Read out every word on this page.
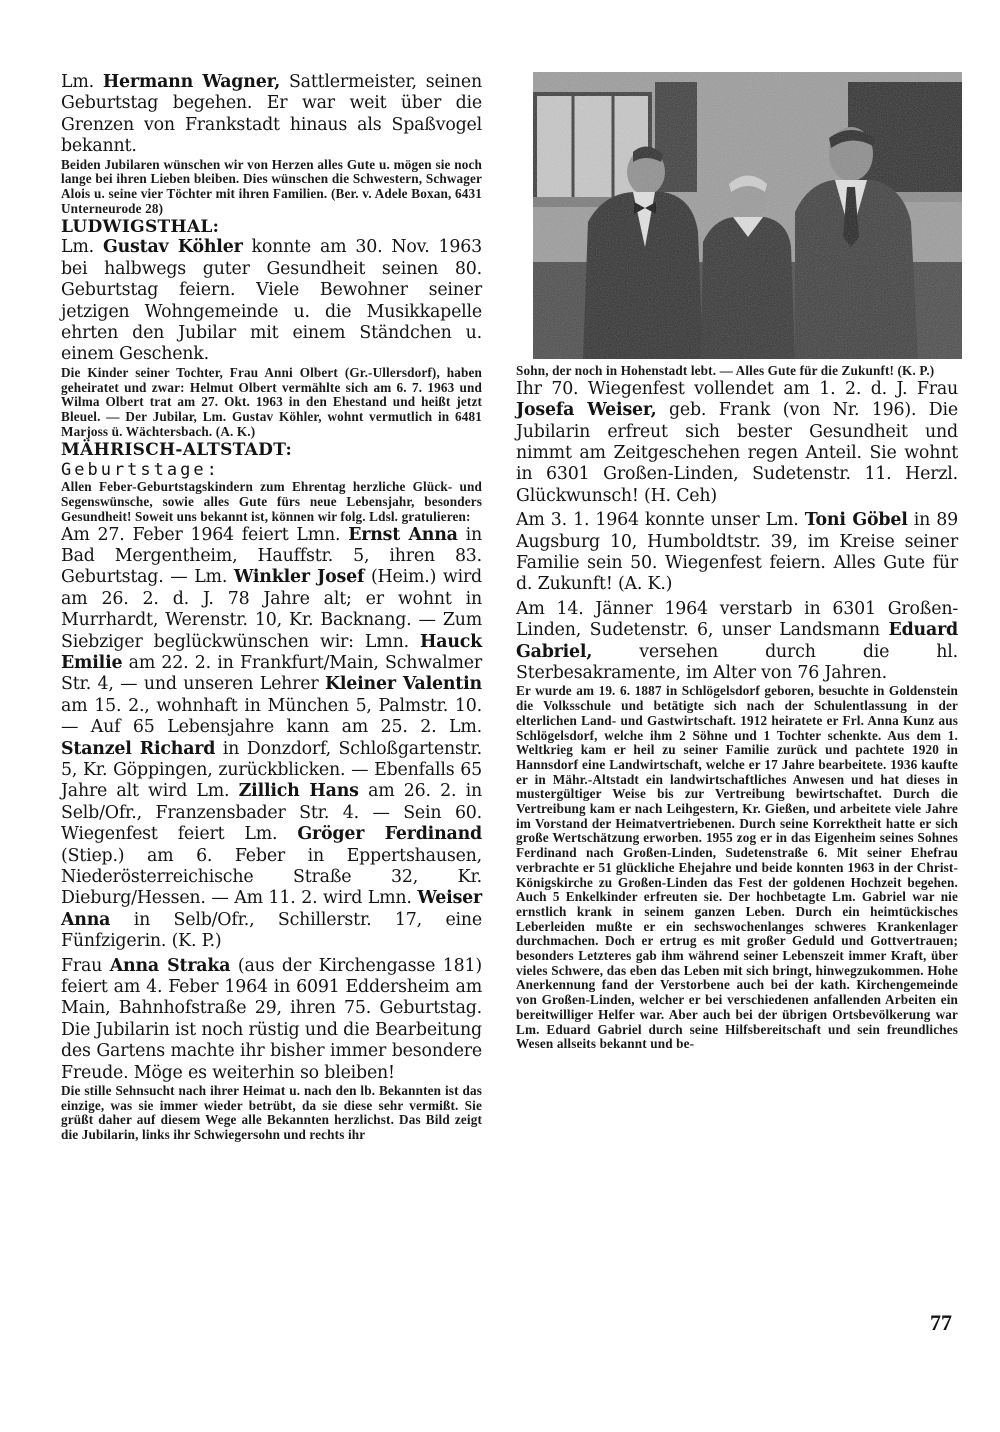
Lm. Hermann Wagner, Sattlermeister, seinen Geburtstag begehen. Er war weit über die Grenzen von Frankstadt hinaus als Spaßvogel bekannt.

Beiden Jubilaren wünschen wir von Herzen alles Gute u. mögen sie noch lange bei ihren Lieben bleiben. Dies wünschen die Schwestern, Schwager Alois u. seine vier Töchter mit ihren Familien. (Ber. v. Adele Boxan, 6431 Unterneurode 28)

LUDWIGSTHAL:

Lm. Gustav Köhler konnte am 30. Nov. 1963 bei halbwegs guter Gesundheit seinen 80. Geburtstag feiern. Viele Bewohner seiner jetzigen Wohngemeinde u. die Musikkapelle ehrten den Jubilar mit einem Ständchen u. einem Geschenk.

Die Kinder seiner Tochter, Frau Anni Olbert (Gr.-Ullersdorf), haben geheiratet und zwar: Helmut Olbert vermählte sich am 6. 7. 1963 und Wilma Olbert trat am 27. Okt. 1963 in den Ehestand und heißt jetzt Bleuel. — Der Jubilar, Lm. Gustav Köhler, wohnt vermutlich in 6481 Marjoss ü. Wächtersbach. (A. K.)

MÄHRISCH-ALTSTADT:
Geburtstage:

Allen Feber-Geburtstagskindern zum Ehrentag herzliche Glück- und Segenswünsche, sowie alles Gute fürs neue Lebensjahr, besonders Gesundheit! Soweit uns bekannt ist, können wir folg. Ldsl. gratulieren:

Am 27. Feber 1964 feiert Lmn. Ernst Anna in Bad Mergentheim, Hauffstr. 5, ihren 83. Geburtstag. — Lm. Winkler Josef (Heim.) wird am 26. 2. d. J. 78 Jahre alt; er wohnt in Murrhardt, Werenstr. 10, Kr. Backnang. — Zum Siebziger beglückwünschen wir: Lmn. Hauck Emilie am 22. 2. in Frankfurt/Main, Schwalmer Str. 4, — und unseren Lehrer Kleiner Valentin am 15. 2., wohnhaft in München 5, Palmstr. 10. — Auf 65 Lebensjahre kann am 25. 2. Lm. Stanzel Richard in Donzdorf, Schloßgartenstr. 5, Kr. Göppingen, zurückblicken. — Ebenfalls 65 Jahre alt wird Lm. Zillich Hans am 26. 2. in Selb/Ofr., Franzensbader Str. 4. — Sein 60. Wiegenfest feiert Lm. Gröger Ferdinand (Stiep.) am 6. Feber in Eppertshausen, Niederösterreichische Straße 32, Kr. Dieburg/Hessen. — Am 11. 2. wird Lmn. Weiser Anna in Selb/Ofr., Schillerstr. 17, eine Fünfzigerin. (K. P.)

Frau Anna Straka (aus der Kirchengasse 181) feiert am 4. Feber 1964 in 6091 Eddersheim am Main, Bahnhofstraße 29, ihren 75. Geburtstag. Die Jubilarin ist noch rüstig und die Bearbeitung des Gartens machte ihr bisher immer besondere Freude. Möge es weiterhin so bleiben!

Die stille Sehnsucht nach ihrer Heimat u. nach den lb. Bekannten ist das einzige, was sie immer wieder betrübt, da sie diese sehr vermißt. Sie grüßt daher auf diesem Wege alle Bekannten herzlichst. Das Bild zeigt die Jubilarin, links ihr Schwiegersohn und rechts ihr

Sohn, der noch in Hohenstadt lebt. — Alles Gute für die Zukunft! (K. P.)

Ihr 70. Wiegenfest vollendet am 1. 2. d. J. Frau Josefa Weiser, geb. Frank (von Nr. 196). Die Jubilarin erfreut sich bester Gesundheit und nimmt am Zeitgeschehen regen Anteil. Sie wohnt in 6301 Großen-Linden, Sudetenstr. 11. Herzl. Glückwunsch! (H. Ceh)

Am 3. 1. 1964 konnte unser Lm. Toni Göbel in 89 Augsburg 10, Humboldtstr. 39, im Kreise seiner Familie sein 50. Wiegenfest feiern. Alles Gute für d. Zukunft! (A. K.)

Am 14. Jänner 1964 verstarb in 6301 Großen-Linden, Sudetenstr. 6, unser Landsmann Eduard Gabriel, versehen durch die hl. Sterbesakramente, im Alter von 76 Jahren.

Er wurde am 19. 6. 1887 in Schlögelsdorf geboren, besuchte in Goldenstein die Volksschule und betätigte sich nach der Schulentlassung in der elterlichen Land- und Gastwirtschaft. 1912 heiratete er Frl. Anna Kunz aus Schlögelsdorf, welche ihm 2 Söhne und 1 Tochter schenkte. Aus dem 1. Weltkrieg kam er heil zu seiner Familie zurück und pachtete 1920 in Hannsdorf eine Landwirtschaft, welche er 17 Jahre bearbeitete. 1936 kaufte er in Mähr.-Altstadt ein landwirtschaftliches Anwesen und hat dieses in mustergültiger Weise bis zur Vertreibung bewirtschaftet. Durch die Vertreibung kam er nach Leihgestern, Kr. Gießen, und arbeitete viele Jahre im Vorstand der Heimatvertriebenen. Durch seine Korrektheit hatte er sich große Wertschätzung erworben. 1955 zog er in das Eigenheim seines Sohnes Ferdinand nach Großen-Linden, Sudetenstraße 6. Mit seiner Ehefrau verbrachte er 51 glückliche Ehejahre und beide konnten 1963 in der Christ-Königskirche zu Großen-Linden das Fest der goldenen Hochzeit begehen. Auch 5 Enkelkinder erfreuten sie. Der hochbetagte Lm. Gabriel war nie ernstlich krank in seinem ganzen Leben. Durch ein heimtückisches Leberleiden mußte er ein sechswochenlanges schweres Krankenlager durchmachen. Doch er ertrug es mit großer Geduld und Gottvertrauen; besonders Letzteres gab ihm während seiner Lebenszeit immer Kraft, über vieles Schwere, das eben das Leben mit sich bringt, hinwegzukommen. Hohe Anerkennung fand der Verstorbene auch bei der kath. Kirchengemeinde von Großen-Linden, welcher er bei verschiedenen anfallenden Arbeiten ein bereitwilliger Helfer war. Aber auch bei der übrigen Ortsbevölkerung war Lm. Eduard Gabriel durch seine Hilfsbereitschaft und sein freundliches Wesen allseits bekannt und be-

77
